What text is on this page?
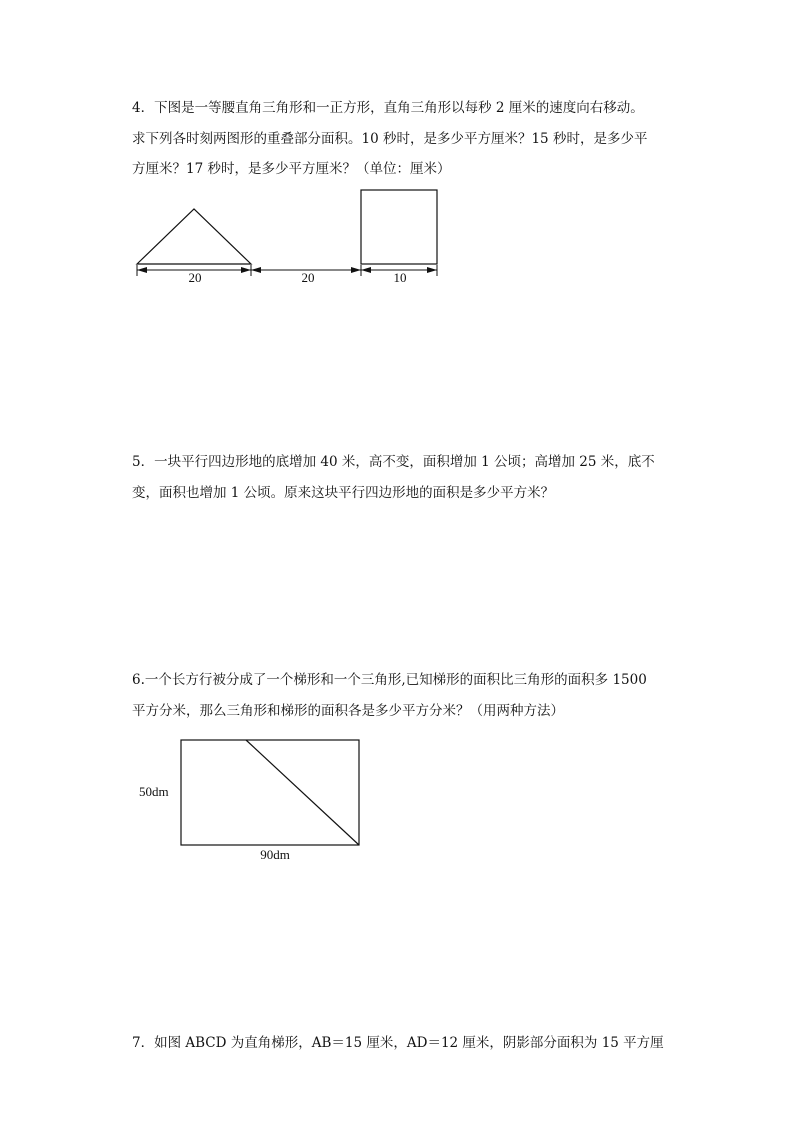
4．下图是一等腰直角三角形和一正方形，直角三角形以每秒 2 厘米的速度向右移动。
求下列各时刻两图形的重叠部分面积。10 秒时，是多少平方厘米？15 秒时，是多少平
方厘米？17 秒时，是多少平方厘米？（单位：厘米）
20	20	10
5．一块平行四边形地的底增加 40 米，高不变，面积增加 1 公顷；高增加 25 米，底不
变，面积也增加 1 公顷。原来这块平行四边形地的面积是多少平方米？
6.一个长方行被分成了一个梯形和一个三角形,已知梯形的面积比三角形的面积多 1500
平方分米，那么三角形和梯形的面积各是多少平方分米？（用两种方法）
50dm
90dm
7．如图 ABCD 为直角梯形，AB＝15 厘米，AD＝12 厘米，阴影部分面积为 15 平方厘
